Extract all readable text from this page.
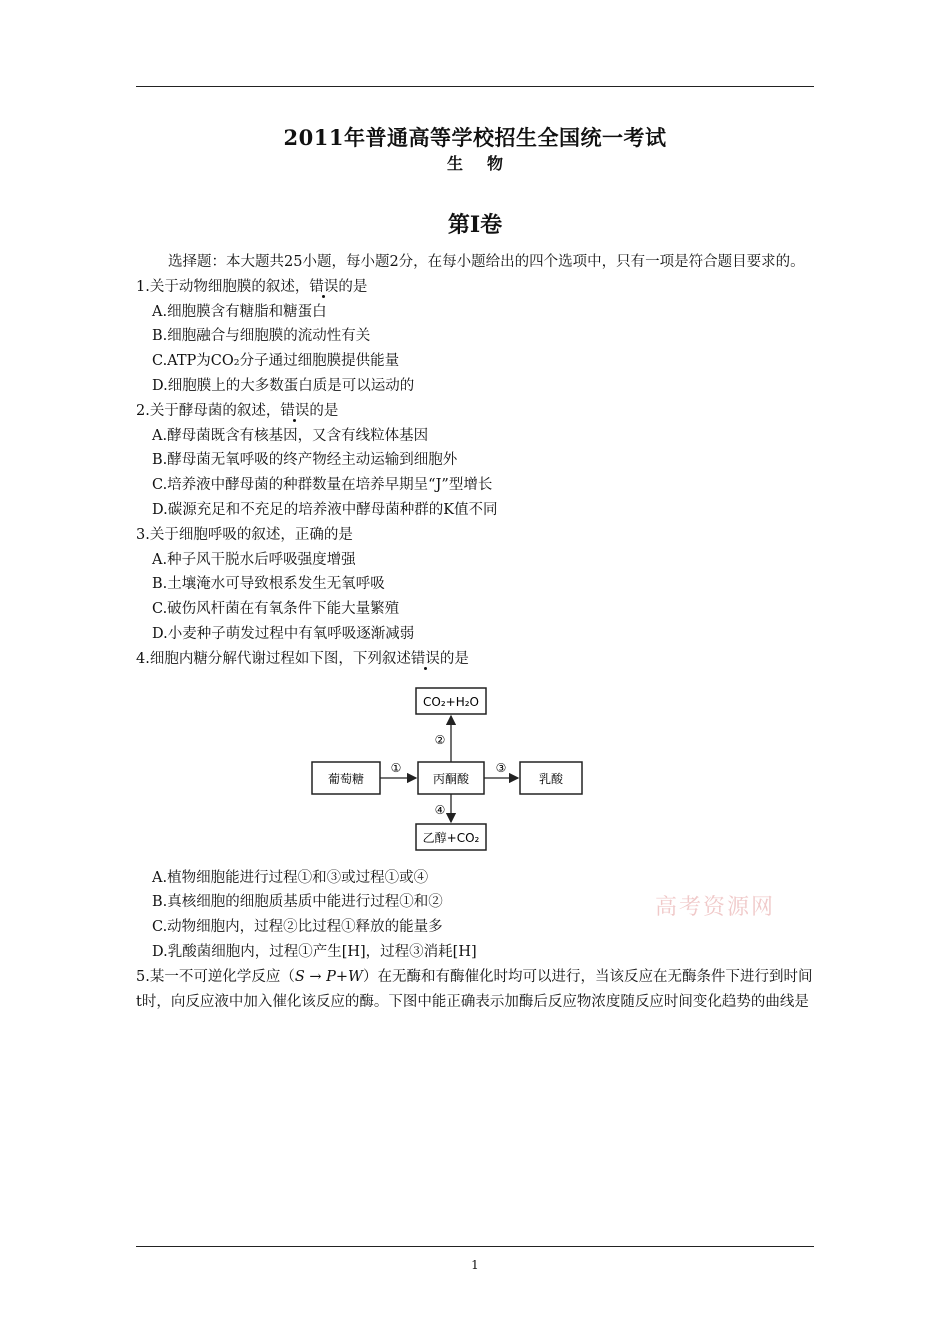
2011年普通高等学校招生全国统一考试
生物
第I卷

选择题：本大题共25小题，每小题2分，在每小题给出的四个选项中，只有一项是符合题目要求的。

1.关于动物细胞膜的叙述，错误的是

A.细胞膜含有糖脂和糖蛋白

B.细胞融合与细胞膜的流动性有关

C.ATP为CO₂分子通过细胞膜提供能量

D.细胞膜上的大多数蛋白质是可以运动的

2.关于酵母菌的叙述，错误的是

A.酵母菌既含有核基因，又含有线粒体基因

B.酵母菌无氧呼吸的终产物经主动运输到细胞外

C.培养液中酵母菌的种群数量在培养早期呈“J”型增长

D.碳源充足和不充足的培养液中酵母菌种群的K值不同

3.关于细胞呼吸的叙述，正确的是

A.种子风干脱水后呼吸强度增强

B.土壤淹水可导致根系发生无氧呼吸

C.破伤风杆菌在有氧条件下能大量繁殖

D.小麦种子萌发过程中有氧呼吸逐渐减弱

4.细胞内糖分解代谢过程如下图，下列叙述错误的是

葡萄糖	丙酮酸	乳酸
CO₂+H₂O
乙醇+CO₂
①	③
②
④

A.植物细胞能进行过程①和③或过程①或④

B.真核细胞的细胞质基质中能进行过程①和②

C.动物细胞内，过程②比过程①释放的能量多

D.乳酸菌细胞内，过程①产生[H]，过程③消耗[H]

5.某一不可逆化学反应（S → P+W）在无酶和有酶催化时均可以进行，当该反应在无酶条件下进行到时间t时，向反应液中加入催化该反应的酶。下图中能正确表示加酶后反应物浓度随反应时间变化趋势的曲线是

高考资源网
1
